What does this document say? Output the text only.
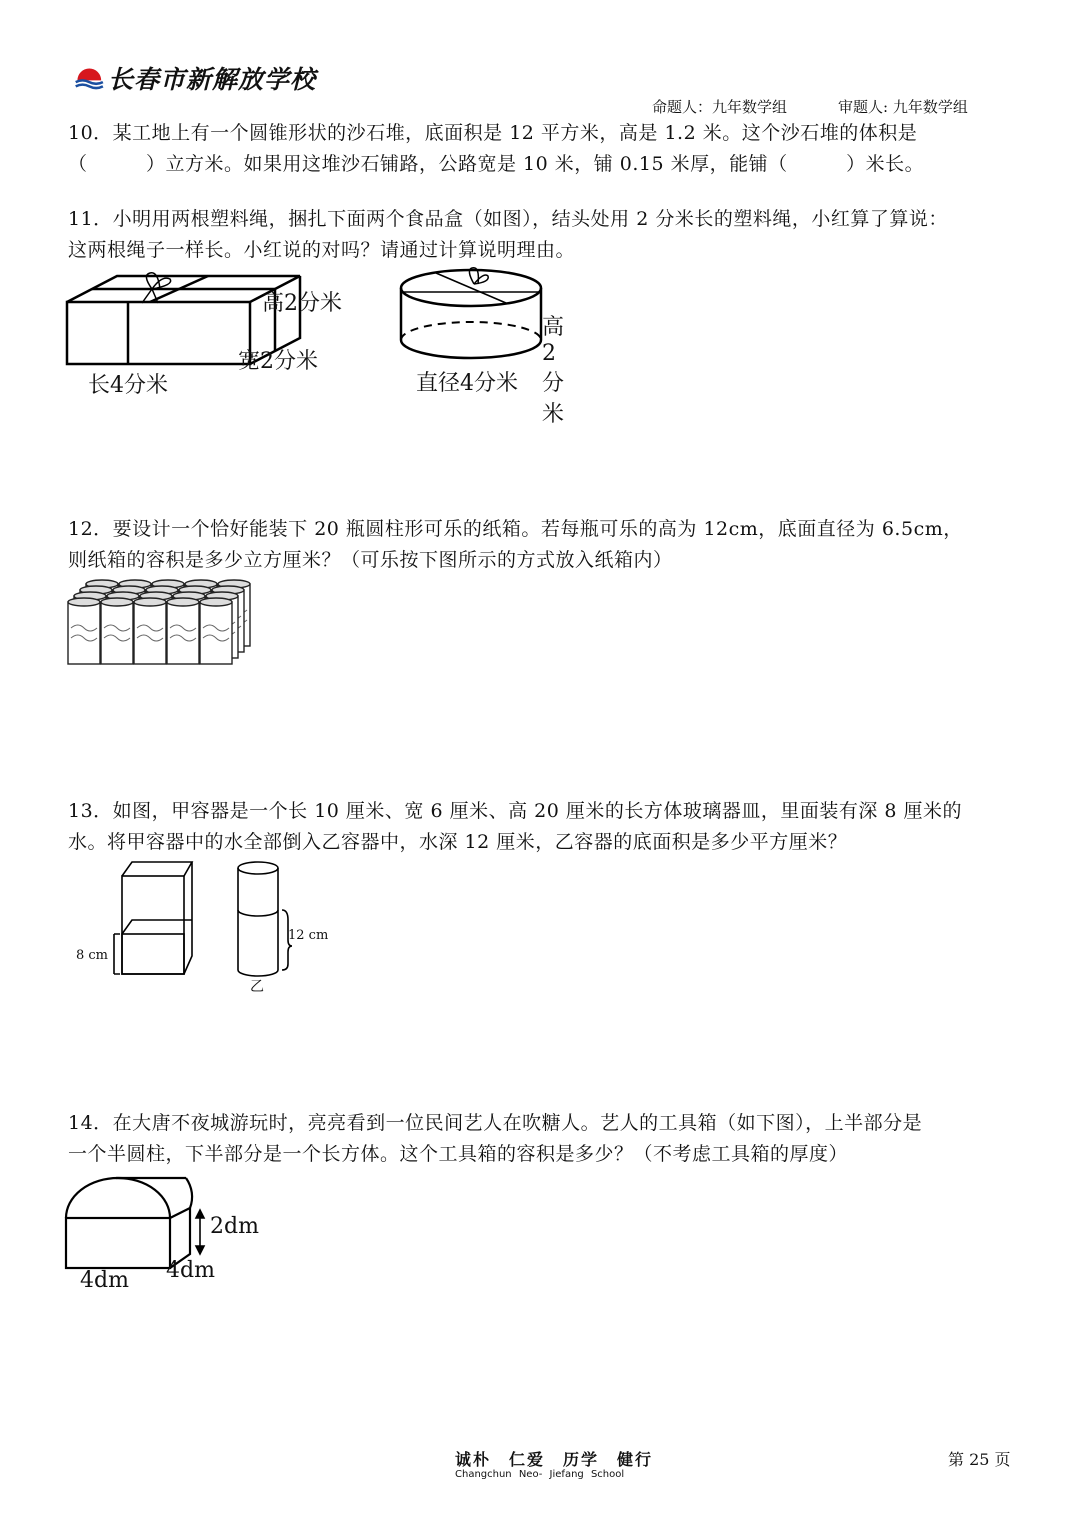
长春市新解放学校
命题人：九年数学组	审题人: 九年数学组
10．某工地上有一个圆锥形状的沙石堆，底面积是 12 平方米，高是 1.2 米。这个沙石堆的体积是
（　　　）立方米。如果用这堆沙石铺路，公路宽是 10 米，铺 0.15 米厚，能铺（　　　）米长。
11．小明用两根塑料绳，捆扎下面两个食品盒（如图），结头处用 2 分米长的塑料绳，小红算了算说：
这两根绳子一样长。小红说的对吗？请通过计算说明理由。
高2分米
宽2分米
长4分米
高2分米
直径4分米
12．要设计一个恰好能装下 20 瓶圆柱形可乐的纸箱。若每瓶可乐的高为 12cm，底面直径为 6.5cm，
则纸箱的容积是多少立方厘米？（可乐按下图所示的方式放入纸箱内）
13．如图，甲容器是一个长 10 厘米、宽 6 厘米、高 20 厘米的长方体玻璃器皿，里面装有深 8 厘米的
水。将甲容器中的水全部倒入乙容器中，水深 12 厘米，乙容器的底面积是多少平方厘米？
8 cm
12 cm
乙
14．在大唐不夜城游玩时，亮亮看到一位民间艺人在吹糖人。艺人的工具箱（如下图），上半部分是
一个半圆柱，下半部分是一个长方体。这个工具箱的容积是多少？（不考虑工具箱的厚度）
2dm
4dm
4dm
诚朴　仁爱　历学　健行
Changchun Neo- Jiefang School
第 25 页
